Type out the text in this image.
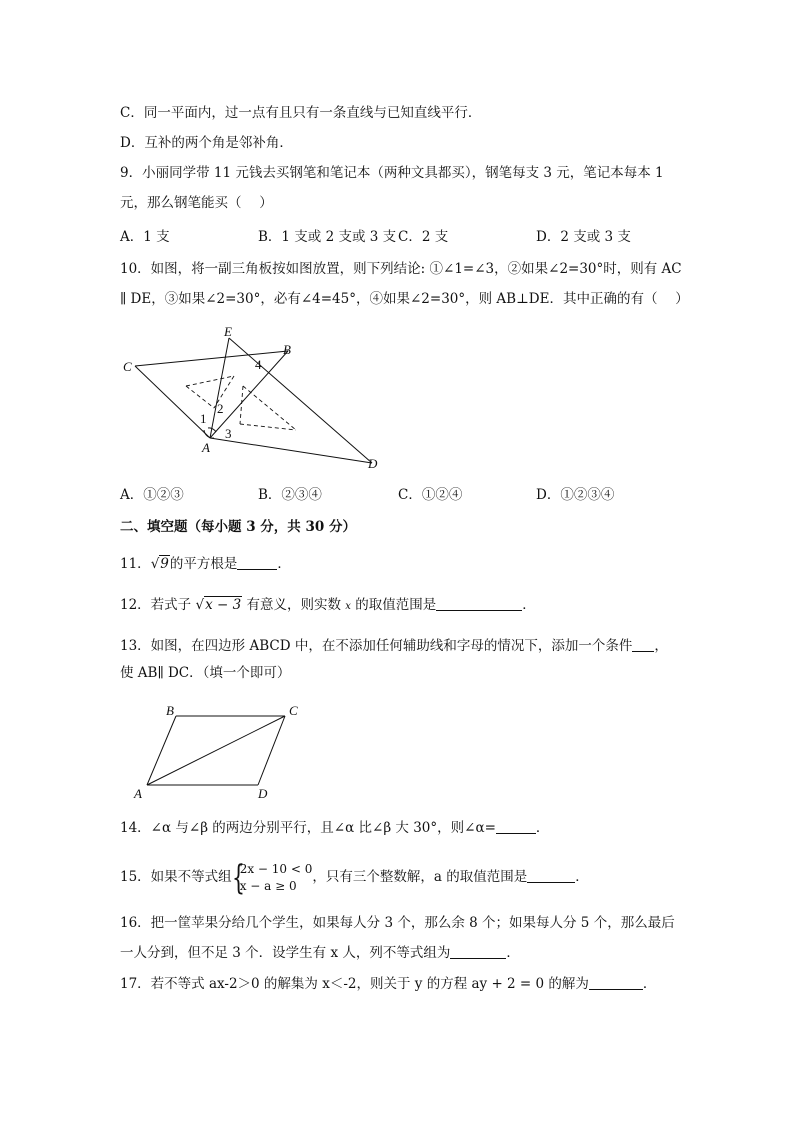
C．同一平面内，过一点有且只有一条直线与已知直线平行．
D．互补的两个角是邻补角．
9．小丽同学带 11 元钱去买钢笔和笔记本（两种文具都买），钢笔每支 3 元，笔记本每本 1
元，那么钢笔能买（　 ）
A．1 支	B．1 支或 2 支或 3 支 C．2 支	D．2 支或 3 支
10．如图，将一副三角板按如图放置，则下列结论: ①∠1=∠3，②如果∠2=30°时，则有 AC
∥ DE，③如果∠2=30°，必有∠4=45°，④如果∠2=30°，则 AB⊥DE．其中正确的有（　 ）
E
B
C
A
D
1
2
3
4
A．①②③	B．②③④	C．①②④	D．①②③④
二、填空题（每小题 3 分，共 30 分）
11．√9的平方根是	．
12．若式子 √x − 3 有意义，则实数 x 的取值范围是	．
13．如图，在四边形 ABCD 中，在不添加任何辅助线和字母的情况下，添加一个条件 ，
使 AB∥ DC．（填一个即可）
B	C
A	D
14．∠α 与∠β 的两边分别平行，且∠α 比∠β 大 30°，则∠α=	．
15．如果不等式组 {
2x − 10 < 0
x − a ≥ 0
，只有三个整数解，a 的取值范围是	．
16．把一筐苹果分给几个学生，如果每人分 3 个，那么余 8 个；如果每人分 5 个，那么最后
一人分到，但不足 3 个．设学生有 x 人，列不等式组为	．
17．若不等式 ax-2＞0 的解集为 x＜-2，则关于 y 的方程 ay + 2 = 0 的解为	．
